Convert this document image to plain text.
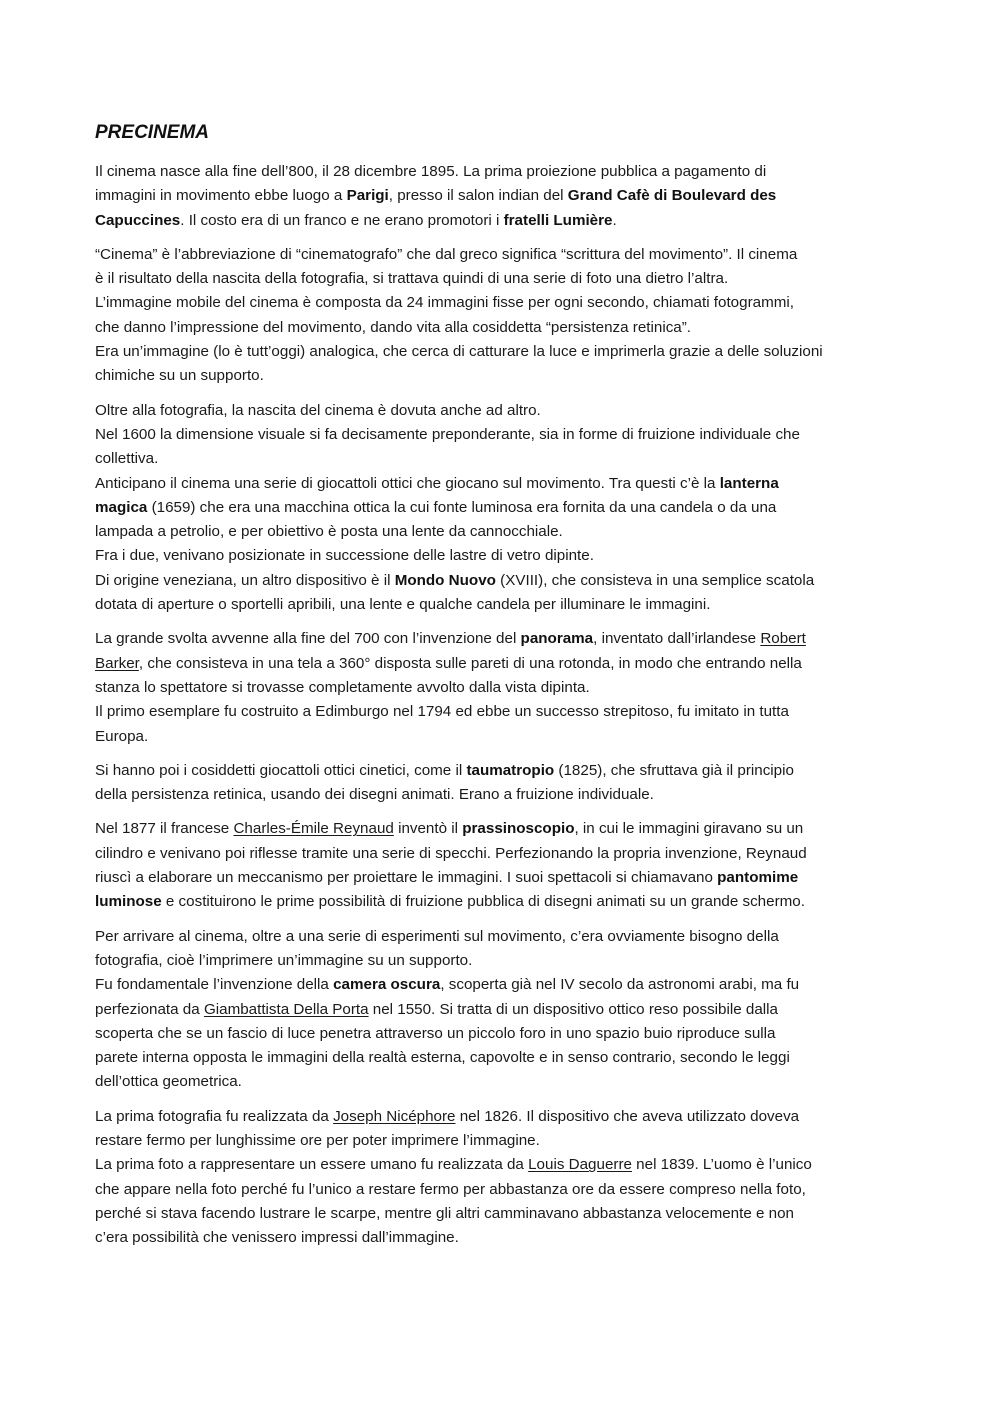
PRECINEMA
Il cinema nasce alla fine dell’800, il 28 dicembre 1895. La prima proiezione pubblica a pagamento di
immagini in movimento ebbe luogo a Parigi, presso il salon indian del Grand Cafè di Boulevard des
Capuccines. Il costo era di un franco e ne erano promotori i fratelli Lumière.
“Cinema” è l’abbreviazione di “cinematografo” che dal greco significa “scrittura del movimento”. Il cinema
è il risultato della nascita della fotografia, si trattava quindi di una serie di foto una dietro l’altra.
L’immagine mobile del cinema è composta da 24 immagini fisse per ogni secondo, chiamati fotogrammi,
che danno l’impressione del movimento, dando vita alla cosiddetta “persistenza retinica”.
Era un’immagine (lo è tutt’oggi) analogica, che cerca di catturare la luce e imprimerla grazie a delle soluzioni
chimiche su un supporto.
Oltre alla fotografia, la nascita del cinema è dovuta anche ad altro.
Nel 1600 la dimensione visuale si fa decisamente preponderante, sia in forme di fruizione individuale che
collettiva.
Anticipano il cinema una serie di giocattoli ottici che giocano sul movimento. Tra questi c’è la lanterna
magica (1659) che era una macchina ottica la cui fonte luminosa era fornita da una candela o da una
lampada a petrolio, e per obiettivo è posta una lente da cannocchiale.
Fra i due, venivano posizionate in successione delle lastre di vetro dipinte.
Di origine veneziana, un altro dispositivo è il Mondo Nuovo (XVIII), che consisteva in una semplice scatola
dotata di aperture o sportelli apribili, una lente e qualche candela per illuminare le immagini.
La grande svolta avvenne alla fine del 700 con l’invenzione del panorama, inventato dall’irlandese Robert
Barker, che consisteva in una tela a 360° disposta sulle pareti di una rotonda, in modo che entrando nella
stanza lo spettatore si trovasse completamente avvolto dalla vista dipinta.
Il primo esemplare fu costruito a Edimburgo nel 1794 ed ebbe un successo strepitoso, fu imitato in tutta
Europa.
Si hanno poi i cosiddetti giocattoli ottici cinetici, come il taumatropio (1825), che sfruttava già il principio
della persistenza retinica, usando dei disegni animati. Erano a fruizione individuale.
Nel 1877 il francese Charles-Émile Reynaud inventò il prassinoscopio, in cui le immagini giravano su un
cilindro e venivano poi riflesse tramite una serie di specchi. Perfezionando la propria invenzione, Reynaud
riuscì a elaborare un meccanismo per proiettare le immagini. I suoi spettacoli si chiamavano pantomime
luminose e costituirono le prime possibilità di fruizione pubblica di disegni animati su un grande schermo.
Per arrivare al cinema, oltre a una serie di esperimenti sul movimento, c’era ovviamente bisogno della
fotografia, cioè l’imprimere un’immagine su un supporto.
Fu fondamentale l’invenzione della camera oscura, scoperta già nel IV secolo da astronomi arabi, ma fu
perfezionata da Giambattista Della Porta nel 1550. Si tratta di un dispositivo ottico reso possibile dalla
scoperta che se un fascio di luce penetra attraverso un piccolo foro in uno spazio buio riproduce sulla
parete interna opposta le immagini della realtà esterna, capovolte e in senso contrario, secondo le leggi
dell’ottica geometrica.
La prima fotografia fu realizzata da Joseph Nicéphore nel 1826. Il dispositivo che aveva utilizzato doveva
restare fermo per lunghissime ore per poter imprimere l’immagine.
La prima foto a rappresentare un essere umano fu realizzata da Louis Daguerre nel 1839. L’uomo è l’unico
che appare nella foto perché fu l’unico a restare fermo per abbastanza ore da essere compreso nella foto,
perché si stava facendo lustrare le scarpe, mentre gli altri camminavano abbastanza velocemente e non
c’era possibilità che venissero impressi dall’immagine.
